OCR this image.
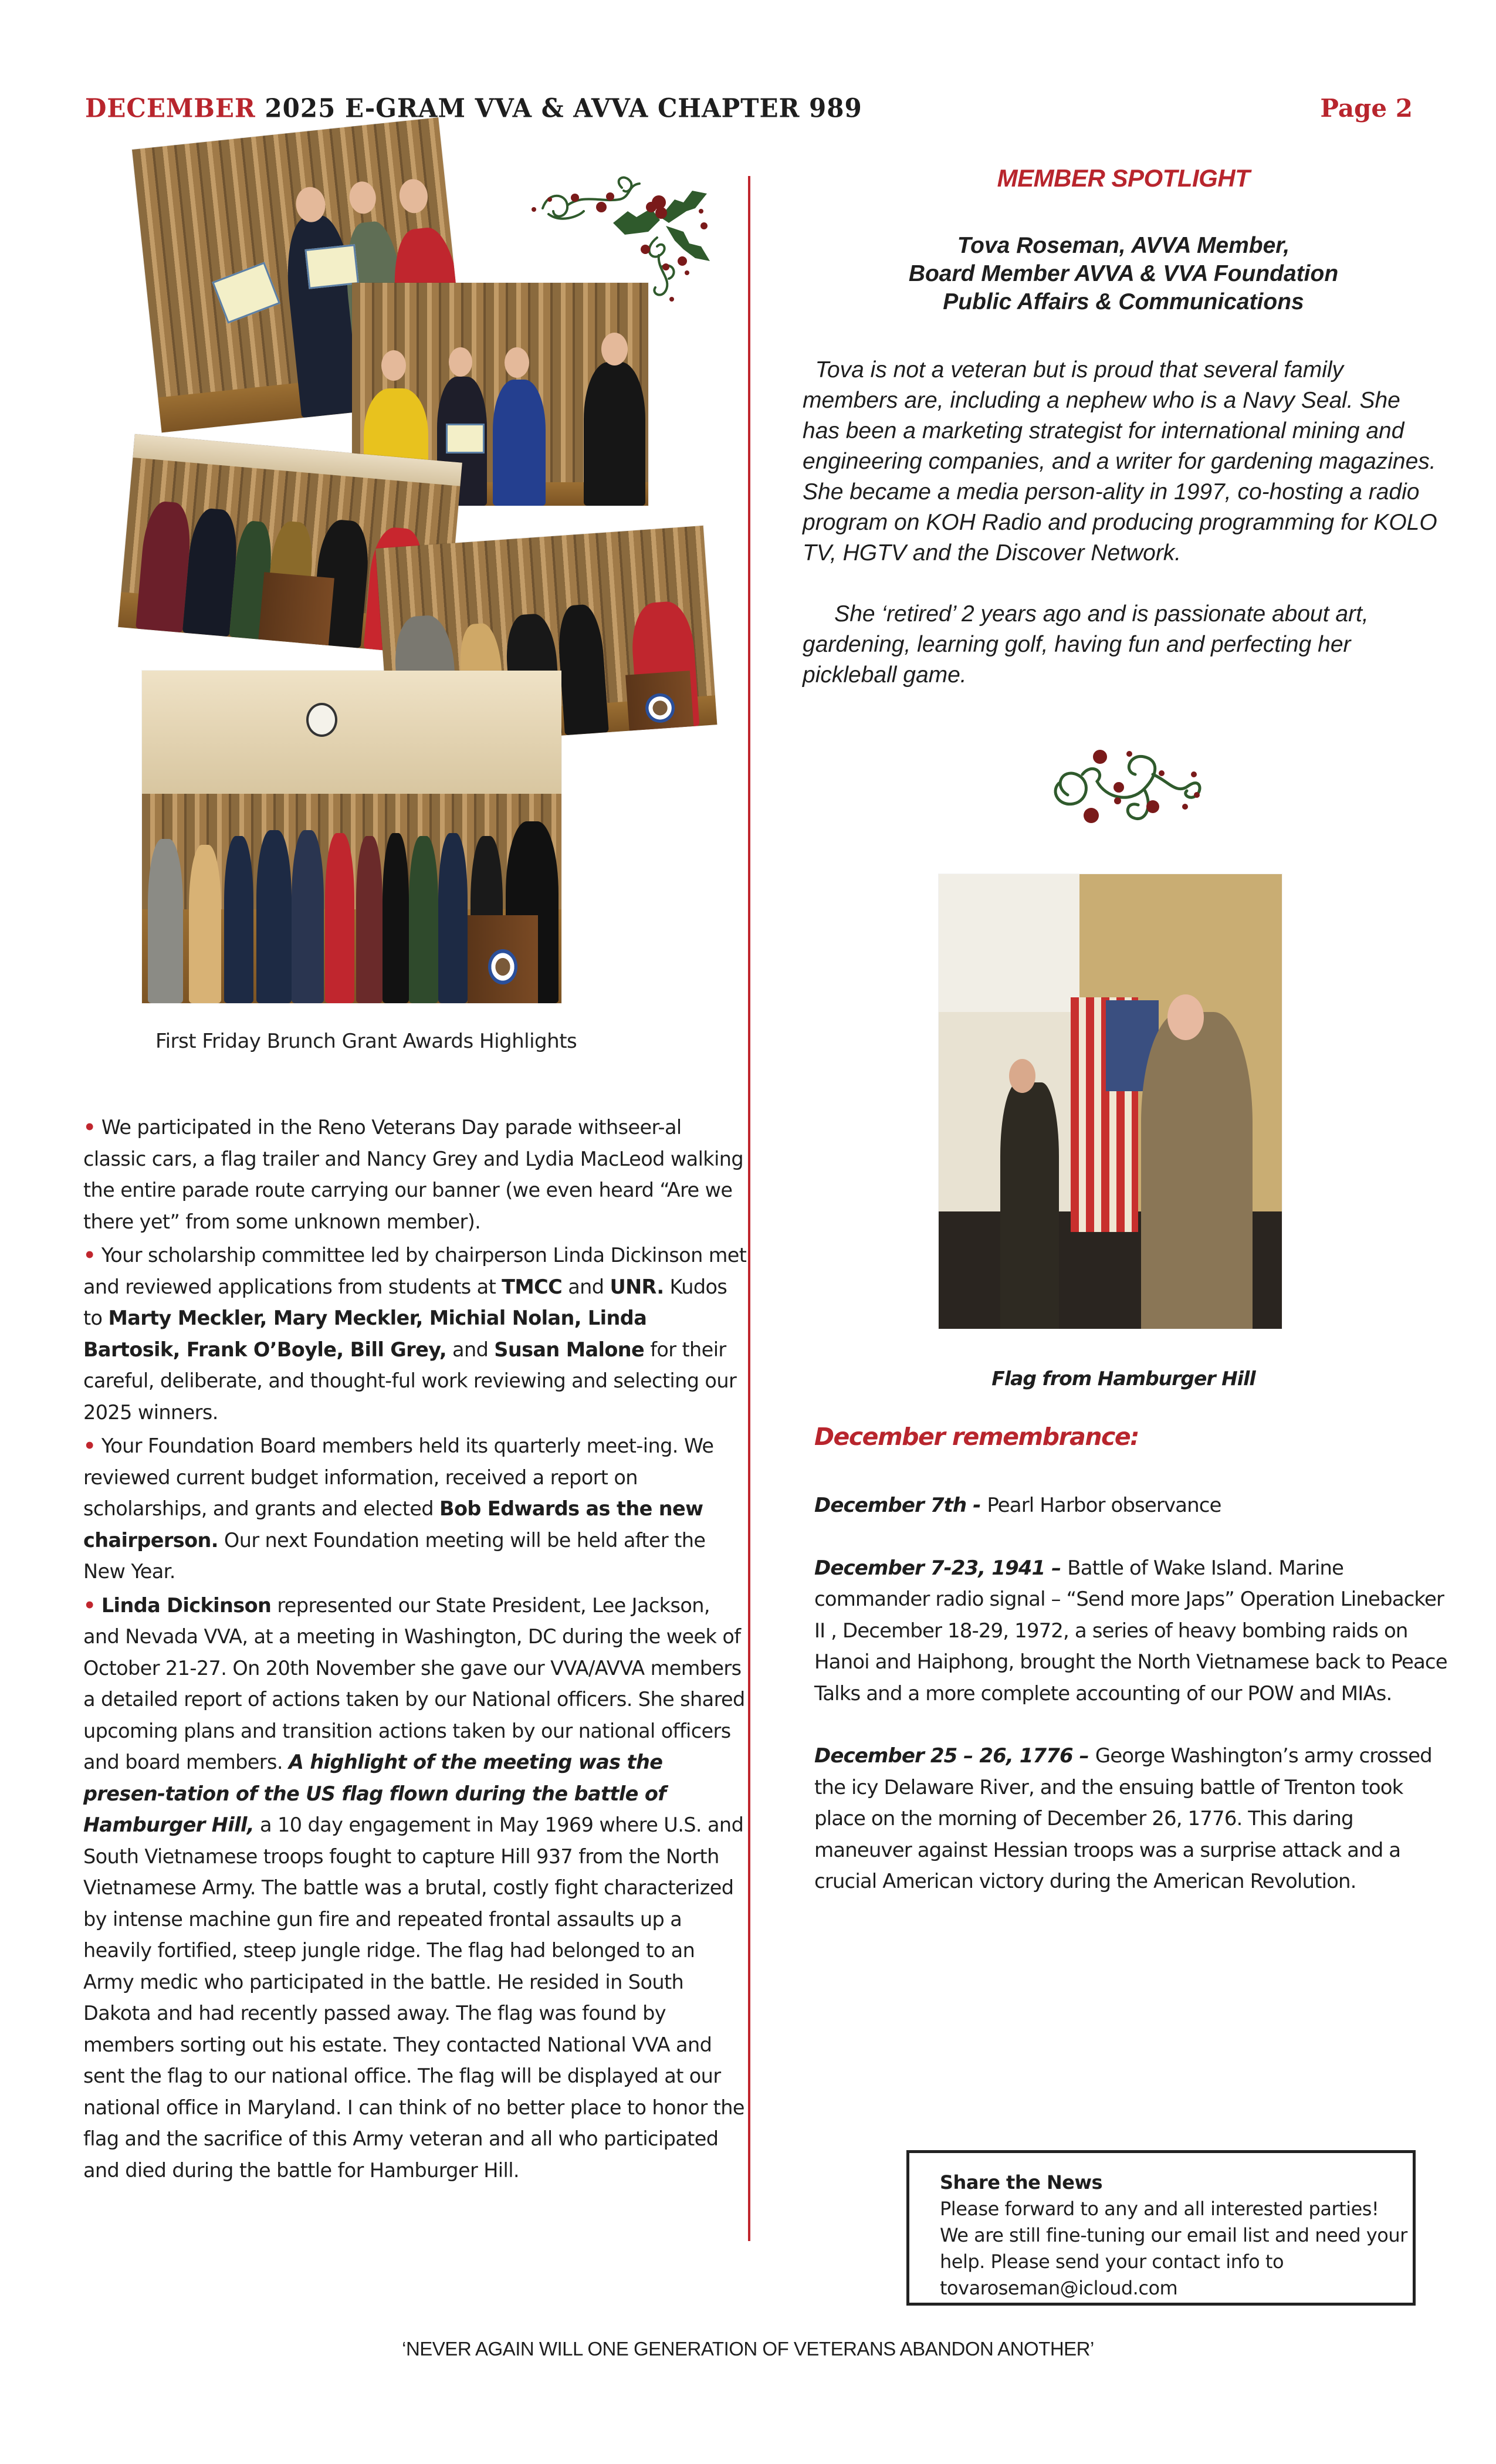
DECEMBER 2025 E-GRAM VVA & AVVA CHAPTER 989	Page 2
First Friday Brunch Grant Awards Highlights

• We participated in the Reno Veterans Day parade withseer-al classic cars, a flag trailer and Nancy Grey and Lydia MacLeod walking the entire parade route carrying our banner (we even heard “Are we there yet” from some unknown member).

• Your scholarship committee led by chairperson Linda Dickinson met and reviewed applications from students at TMCC and UNR. Kudos to Marty Meckler, Mary Meckler, Michial Nolan, Linda Bartosik, Frank O’Boyle, Bill Grey, and Susan Malone for their careful, deliberate, and thought-ful work reviewing and selecting our 2025 winners.

• Your Foundation Board members held its quarterly meet-ing. We reviewed current budget information, received a report on scholarships, and grants and elected Bob Edwards as the new chairperson. Our next Foundation meeting will be held after the New Year.

• Linda Dickinson represented our State President, Lee Jackson, and Nevada VVA, at a meeting in Washington, DC during the week of October 21-27. On 20th November she gave our VVA/AVVA members a detailed report of actions taken by our National officers. She shared upcoming plans and transition actions taken by our national officers and board members. A highlight of the meeting was the presen-tation of the US flag flown during the battle of Hamburger Hill, a 10 day engagement in May 1969 where U.S. and South Vietnamese troops fought to capture Hill 937 from the North Vietnamese Army. The battle was a brutal, costly fight characterized by intense machine gun fire and repeated frontal assaults up a heavily fortified, steep jungle ridge. The flag had belonged to an Army medic who participated in the battle. He resided in South Dakota and had recently passed away. The flag was found by members sorting out his estate. They contacted National VVA and sent the flag to our national office. The flag will be displayed at our national office in Maryland. I can think of no better place to honor the flag and the sacrifice of this Army veteran and all who participated and died during the battle for Hamburger Hill.

MEMBER SPOTLIGHT
Tova Roseman, AVVA Member,
Board Member AVVA & VVA Foundation
Public Affairs & Communications

Tova is not a veteran but is proud that several family members are, including a nephew who is a Navy Seal. She has been a marketing strategist for international mining and engineering companies, and a writer for gardening magazines. She became a media person-ality in 1997, co-hosting a radio program on KOH Radio and producing programming for KOLO TV, HGTV and the Discover Network.

She ‘retired’ 2 years ago and is passionate about art, gardening, learning golf, having fun and perfecting her pickleball game.

Flag from Hamburger Hill
December remembrance:

December 7th - Pearl Harbor observance

December 7-23, 1941 – Battle of Wake Island. Marine commander radio signal – “Send more Japs” Operation Linebacker II , December 18-29, 1972, a series of heavy bombing raids on Hanoi and Haiphong, brought the North Vietnamese back to Peace Talks and a more complete accounting of our POW and MIAs.

December 25 – 26, 1776 – George Washington’s army crossed the icy Delaware River, and the ensuing battle of Trenton took place on the morning of December 26, 1776. This daring maneuver against Hessian troops was a surprise attack and a crucial American victory during the American Revolution.

Share the News
Please forward to any and all interested parties! We are still fine-tuning our email list and need your help. Please send your contact info to tovaroseman@icloud.com
‘NEVER AGAIN WILL ONE GENERATION OF VETERANS ABANDON ANOTHER’
